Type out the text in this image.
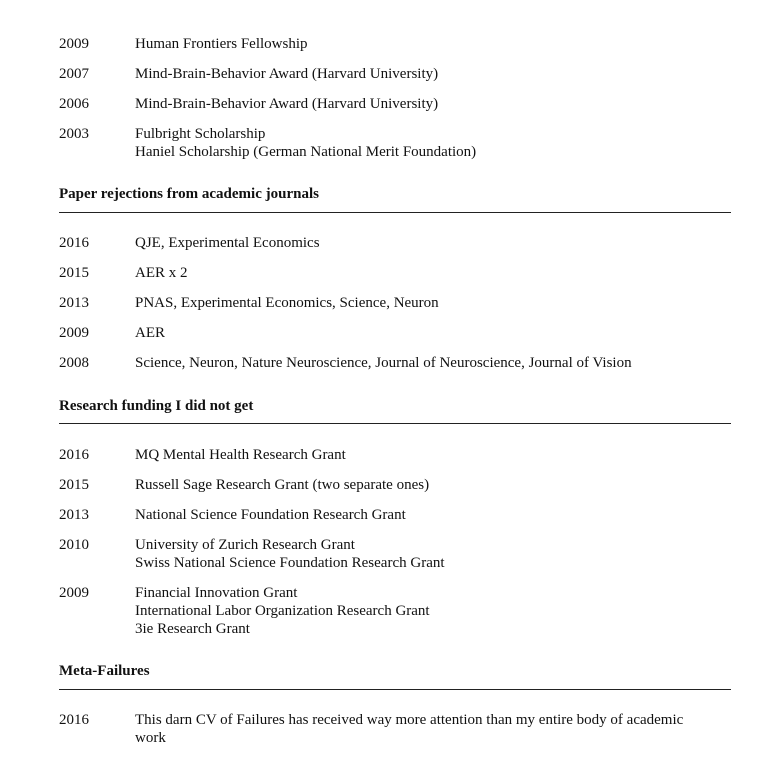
2009	Human Frontiers Fellowship
2007	Mind-Brain-Behavior Award (Harvard University)
2006	Mind-Brain-Behavior Award (Harvard University)
2003	Fulbright Scholarship
Haniel Scholarship (German National Merit Foundation)
Paper rejections from academic journals
2016	QJE, Experimental Economics
2015	AER x 2
2013	PNAS, Experimental Economics, Science, Neuron
2009	AER
2008	Science, Neuron, Nature Neuroscience, Journal of Neuroscience, Journal of Vision
Research funding I did not get
2016	MQ Mental Health Research Grant
2015	Russell Sage Research Grant (two separate ones)
2013	National Science Foundation Research Grant
2010	University of Zurich Research Grant
Swiss National Science Foundation Research Grant
2009	Financial Innovation Grant
International Labor Organization Research Grant
3ie Research Grant
Meta-Failures
2016	This darn CV of Failures has received way more attention than my entire body of academic
work
